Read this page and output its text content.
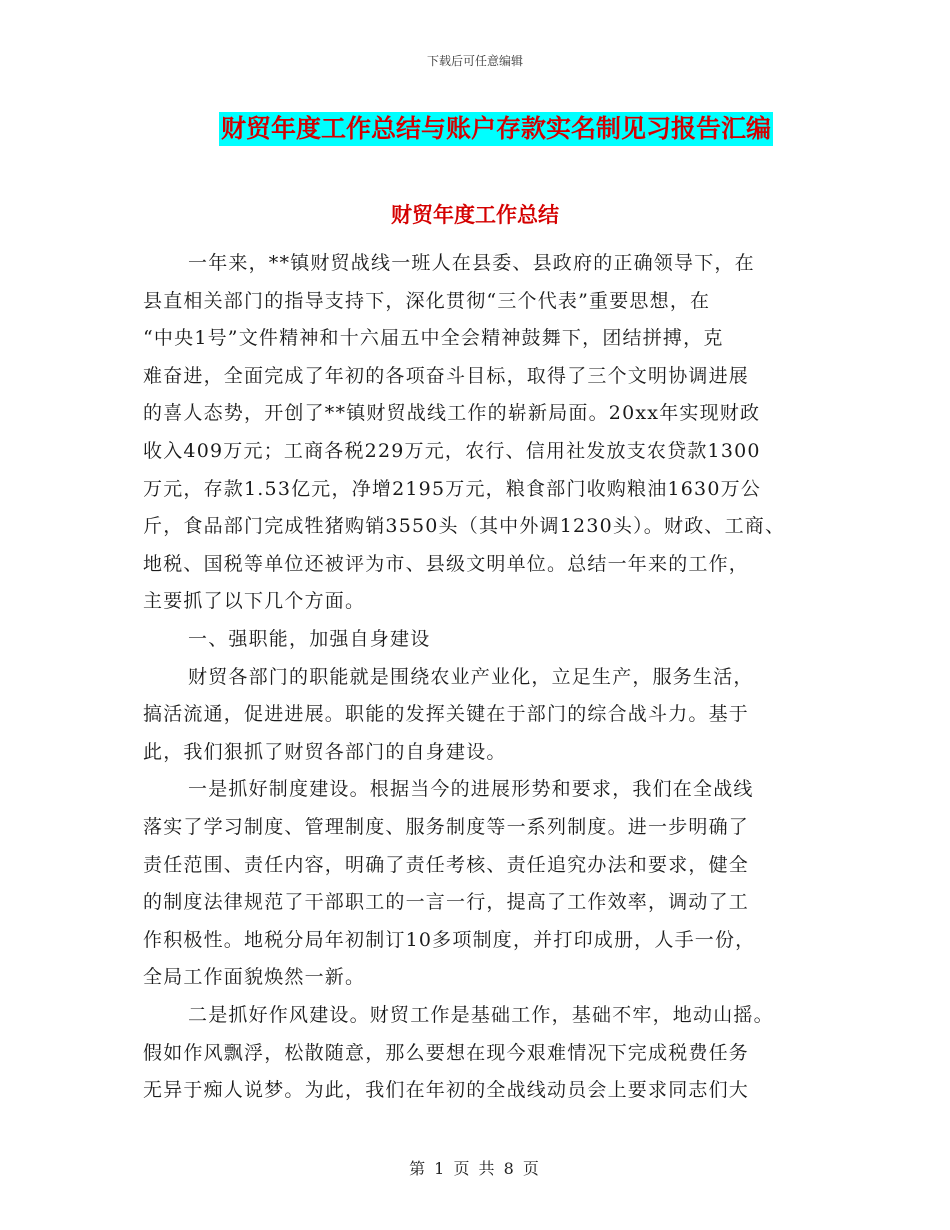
下载后可任意编辑
财贸年度工作总结与账户存款实名制见习报告汇编
财贸年度工作总结
一年来，**镇财贸战线一班人在县委、县政府的正确领导下，在
县直相关部门的指导支持下，深化贯彻“三个代表”重要思想，在
“中央1号”文件精神和十六届五中全会精神鼓舞下，团结拼搏，克
难奋进，全面完成了年初的各项奋斗目标，取得了三个文明协调进展
的喜人态势，开创了**镇财贸战线工作的崭新局面。20xx年实现财政
收入409万元；工商各税229万元，农行、信用社发放支农贷款1300
万元，存款1.53亿元，净增2195万元，粮食部门收购粮油1630万公
斤，食品部门完成牲猪购销3550头（其中外调1230头）。财政、工商、
地税、国税等单位还被评为市、县级文明单位。总结一年来的工作，
主要抓了以下几个方面。
一、强职能，加强自身建设
财贸各部门的职能就是围绕农业产业化，立足生产，服务生活，
搞活流通，促进进展。职能的发挥关键在于部门的综合战斗力。基于
此，我们狠抓了财贸各部门的自身建设。
一是抓好制度建设。根据当今的进展形势和要求，我们在全战线
落实了学习制度、管理制度、服务制度等一系列制度。进一步明确了
责任范围、责任内容，明确了责任考核、责任追究办法和要求，健全
的制度法律规范了干部职工的一言一行，提高了工作效率，调动了工
作积极性。地税分局年初制订10多项制度，并打印成册，人手一份，
全局工作面貌焕然一新。
二是抓好作风建设。财贸工作是基础工作，基础不牢，地动山摇。
假如作风飘浮，松散随意，那么要想在现今艰难情况下完成税费任务
无异于痴人说梦。为此，我们在年初的全战线动员会上要求同志们大
第 1 页 共 8 页
